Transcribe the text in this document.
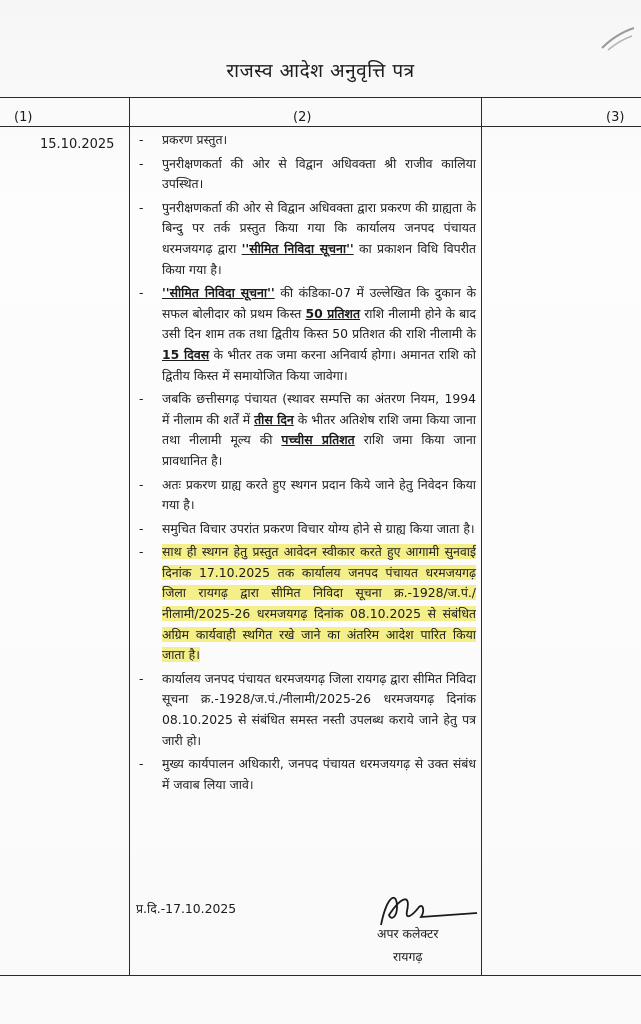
राजस्व आदेश अनुवृत्ति पत्र
(1)	(2)	(3)
15.10.2025 - प्रकरण प्रस्तुत।
- पुनरीक्षणकर्ता की ओर से विद्वान अधिवक्ता श्री राजीव कालिया उपस्थित।
- पुनरीक्षणकर्ता की ओर से विद्वान अधिवक्ता द्वारा प्रकरण की ग्राह्यता के बिन्दु पर तर्क प्रस्तुत किया गया कि कार्यालय जनपद पंचायत धरमजयगढ़ द्वारा ''सीमित निविदा सूचना'' का प्रकाशन विधि विपरीत किया गया है।
- ''सीमित निविदा सूचना'' की कंडिका-07 में उल्लेखित कि दुकान के सफल बोलीदार को प्रथम किस्त 50 प्रतिशत राशि नीलामी होने के बाद उसी दिन शाम तक तथा द्वितीय किस्त 50 प्रतिशत की राशि नीलामी के 15 दिवस के भीतर तक जमा करना अनिवार्य होगा। अमानत राशि को द्वितीय किस्त में समायोजित किया जावेगा।
- जबकि छत्तीसगढ़ पंचायत (स्थावर सम्पत्ति का अंतरण नियम, 1994 में नीलाम की शर्तें में तीस दिन के भीतर अतिशेष राशि जमा किया जाना तथा नीलामी मूल्य की पच्चीस प्रतिशत राशि जमा किया जाना प्रावधानित है।
- अतः प्रकरण ग्राह्य करते हुए स्थगन प्रदान किये जाने हेतु निवेदन किया गया है।
- समुचित विचार उपरांत प्रकरण विचार योग्य होने से ग्राह्य किया जाता है।
- साथ ही स्थगन हेतु प्रस्तुत आवेदन स्वीकार करते हुए आगामी सुनवाई दिनांक 17.10.2025 तक कार्यालय जनपद पंचायत धरमजयगढ़ जिला रायगढ़ द्वारा सीमित निविदा सूचना क्र.-1928/ज.पं./नीलामी/2025-26 धरमजयगढ़ दिनांक 08.10.2025 से संबंधित अग्रिम कार्यवाही स्थगित रखे जाने का अंतरिम आदेश पारित किया जाता है।
- कार्यालय जनपद पंचायत धरमजयगढ़ जिला रायगढ़ द्वारा सीमित निविदा सूचना क्र.-1928/ज.पं./नीलामी/2025-26 धरमजयगढ़ दिनांक 08.10.2025 से संबंधित समस्त नस्ती उपलब्ध कराये जाने हेतु पत्र जारी हो।
- मुख्य कार्यपालन अधिकारी, जनपद पंचायत धरमजयगढ़ से उक्त संबंध में जवाब लिया जावे।
प्र.दि.-17.10.2025
अपर कलेक्टर
रायगढ़
